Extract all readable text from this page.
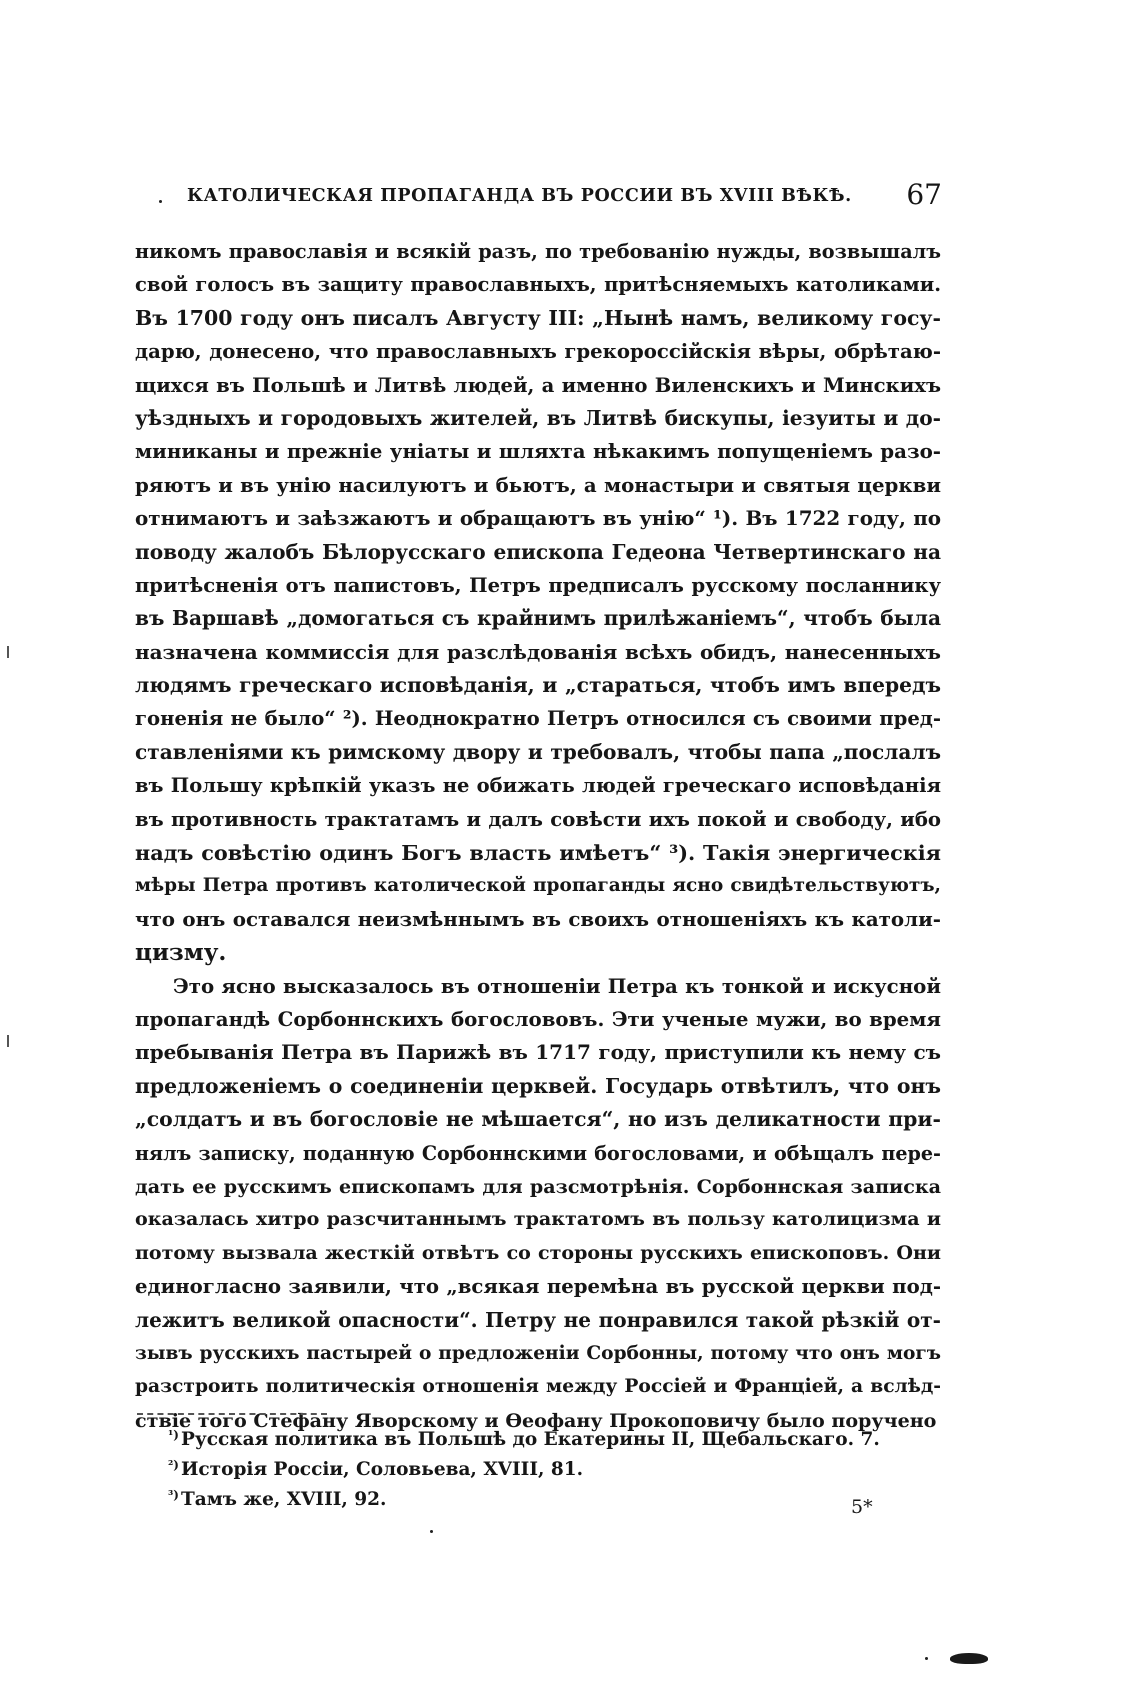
КАТОЛИЧЕСКАЯ ПРОПАГАНДА ВЪ РОССИИ ВЪ XVIII ВѢКѢ. 67
никомъ православія и всякій разъ, по требованію нужды, возвышалъ
свой голосъ въ защиту православныхъ, притѣсняемыхъ католиками.
Въ 1700 году онъ писалъ Августу III: „Нынѣ намъ, великому госу-
дарю, донесено, что православныхъ грекороссійскія вѣры, обрѣтаю-
щихся въ Польшѣ и Литвѣ людей, а именно Виленскихъ и Минскихъ
уѣздныхъ и городовыхъ жителей, въ Литвѣ бискупы, іезуиты и до-
миниканы и прежніе уніаты и шляхта нѣкакимъ попущеніемъ разо-
ряютъ и въ унію насилуютъ и бьютъ, а монастыри и святыя церкви
отнимаютъ и заѣзжаютъ и обращаютъ въ унію“ ¹). Въ 1722 году, по
поводу жалобъ Бѣлорусскаго епископа Гедеона Четвертинскаго на
притѣсненія отъ папистовъ, Петръ предписалъ русскому посланнику
въ Варшавѣ „домогаться съ крайнимъ прилѣжаніемъ“, чтобъ была
назначена коммиссія для разслѣдованія всѣхъ обидъ, нанесенныхъ
людямъ греческаго исповѣданія, и „стараться, чтобъ имъ впередъ
гоненія не было“ ²). Неоднократно Петръ относился съ своими пред-
ставленіями къ римскому двору и требовалъ, чтобы папа „послалъ
въ Польшу крѣпкій указъ не обижать людей греческаго исповѣданія
въ противность трактатамъ и далъ совѣсти ихъ покой и свободу, ибо
надъ совѣстію одинъ Богъ власть имѣетъ“ ³). Такія энергическія
мѣры Петра противъ католической пропаганды ясно свидѣтельствуютъ,
что онъ оставался неизмѣннымъ въ своихъ отношеніяхъ къ католи-
цизму.
Это ясно высказалось въ отношеніи Петра къ тонкой и искусной
пропагандѣ Сорбоннскихъ богослововъ. Эти ученые мужи, во время
пребыванія Петра въ Парижѣ въ 1717 году, приступили къ нему съ
предложеніемъ о соединеніи церквей. Государь отвѣтилъ, что онъ
„солдатъ и въ богословіе не мѣшается“, но изъ деликатности при-
нялъ записку, поданную Сорбоннскими богословами, и обѣщалъ пере-
дать ее русскимъ епископамъ для разсмотрѣнія. Сорбоннская записка
оказалась хитро разсчитаннымъ трактатомъ въ пользу католицизма и
потому вызвала жесткій отвѣтъ со стороны русскихъ епископовъ. Они
единогласно заявили, что „всякая перемѣна въ русской церкви под-
лежитъ великой опасности“. Петру не понравился такой рѣзкій от-
зывъ русскихъ пастырей о предложеніи Сорбонны, потому что онъ могъ
разстроить политическія отношенія между Россіей и Франціей, а вслѣд-
ствіе того Стефану Яворскому и Ѳеофану Прокоповичу было поручено
$^{^1)}$ Русская политика въ Польшѣ до Екатерины II, Щебальскаго. 7.
$^{^2)}$ Исторія Россіи, Соловьева, XVIII, 81.
$^{^3)}$ Тамъ же, XVIII, 92.	5*
